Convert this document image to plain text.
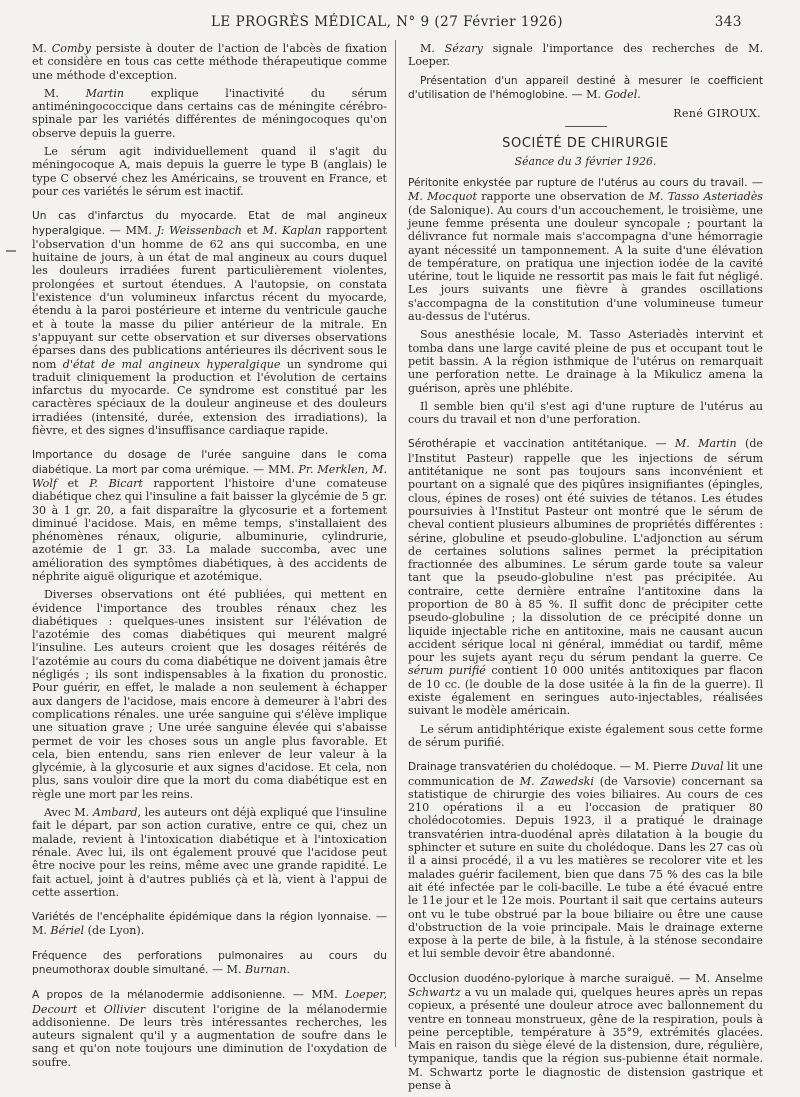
LE PROGRÈS MÉDICAL, N° 9 (27 Février 1926)	343

M. Comby persiste à douter de l'action de l'abcès de fixation et considère en tous cas cette méthode thérapeutique comme une méthode d'exception.

M. Martin explique l'inactivité du sérum antiméningococcique dans certains cas de méningite cérébro-spinale par les variétés différentes de méningocoques qu'on observe depuis la guerre.

Le sérum agit individuellement quand il s'agit du méningocoque A, mais depuis la guerre le type B (anglais) le type C observé chez les Américains, se trouvent en France, et pour ces variétés le sérum est inactif.

Un cas d'infarctus du myocarde. Etat de mal angineux hyperalgique. — MM. J: Weissenbach et M. Kaplan rapportent l'observation d'un homme de 62 ans qui succomba, en une huitaine de jours, à un état de mal angineux au cours duquel les douleurs irradiées furent particulièrement violentes, prolongées et surtout étendues. A l'autopsie, on constata l'existence d'un volumineux infarctus récent du myocarde, étendu à la paroi postérieure et interne du ventricule gauche et à toute la masse du pilier antérieur de la mitrale. En s'appuyant sur cette observation et sur diverses observations éparses dans des publications antérieures ils décrivent sous le nom d'état de mal angineux hyperalgique un syndrome qui traduit cliniquement la production et l'évolution de certains infarctus du myocarde. Ce syndrome est constitué par les caractères spéciaux de la douleur angineuse et des douleurs irradiées (intensité, durée, extension des irradiations), la fièvre, et des signes d'insuffisance cardiaque rapide.

Importance du dosage de l'urée sanguine dans le coma diabétique. La mort par coma urémique. — MM. Pr. Merklen, M. Wolf et P. Bicart rapportent l'histoire d'une comateuse diabétique chez qui l'insuline a fait baisser la glycémie de 5 gr. 30 à 1 gr. 20, a fait disparaître la glycosurie et a fortement diminué l'acidose. Mais, en même temps, s'installaient des phénomènes rénaux, oligurie, albuminurie, cylindrurie, azotémie de 1 gr. 33. La malade succomba, avec une amélioration des symptômes diabétiques, à des accidents de néphrite aiguë oligurique et azotémique.

Diverses observations ont été publiées, qui mettent en évidence l'importance des troubles rénaux chez les diabétiques : quelques-unes insistent sur l'élévation de l'azotémie des comas diabétiques qui meurent malgré l'insuline. Les auteurs croient que les dosages réitérés de l'azotémie au cours du coma diabétique ne doivent jamais être négligés ; ils sont indispensables à la fixation du pronostic. Pour guérir, en effet, le malade a non seulement à échapper aux dangers de l'acidose, mais encore à demeurer à l'abri des complications rénales. une urée sanguine qui s'élève implique une situation grave ; Une urée sanguine élevée qui s'abaisse permet de voir les choses sous un angle plus favorable. Et cela, bien entendu, sans rien enlever de leur valeur à la glycémie, à la glycosurie et aux signes d'acidose. Et cela, non plus, sans vouloir dire que la mort du coma diabétique est en règle une mort par les reins.

Avec M. Ambard, les auteurs ont déjà expliqué que l'insuline fait le départ, par son action curative, entre ce qui, chez un malade, revient à l'intoxication diabétique et à l'intoxication rénale. Avec lui, ils ont également prouvé que l'acidose peut être nocive pour les reins, même avec une grande rapidité. Le fait actuel, joint à d'autres publiés çà et là, vient à l'appui de cette assertion.

Variétés de l'encéphalite épidémique dans la région lyonnaise. — M. Bériel (de Lyon).

Fréquence des perforations pulmonaires au cours du pneumothorax double simultané. — M. Burnan.

A propos de la mélanodermie addisonienne. — MM. Loeper, Decourt et Ollivier discutent l'origine de la mélanodermie addisonienne. De leurs très intéressantes recherches, les auteurs signalent qu'il y a augmentation de soufre dans le sang et qu'on note toujours une diminution de l'oxydation de soufre.

M. Sézary signale l'importance des recherches de M. Loeper.

Présentation d'un appareil destiné à mesurer le coefficient d'utilisation de l'hémoglobine. — M. Godel.

René GIROUX.
SOCIÉTÉ DE CHIRURGIE
Séance du 3 février 1926.

Péritonite enkystée par rupture de l'utérus au cours du travail. — M. Mocquot rapporte une observation de M. Tasso Asteriadès (de Salonique). Au cours d'un accouchement, le troisième, une jeune femme présenta une douleur syncopale ; pourtant la délivrance fut normale mais s'accompagna d'une hémorragie ayant nécessité un tamponnement. A la suite d'une élévation de température, on pratiqua une injection iodée de la cavité utérine, tout le liquide ne ressortit pas mais le fait fut négligé. Les jours suivants une fièvre à grandes oscillations s'accompagna de la constitution d'une volumineuse tumeur au-dessus de l'utérus.

Sous anesthésie locale, M. Tasso Asteriadès intervint et tomba dans une large cavité pleine de pus et occupant tout le petit bassin. A la région isthmique de l'utérus on remarquait une perforation nette. Le drainage à la Mikulicz amena la guérison, après une phlébite.

Il semble bien qu'il s'est agi d'une rupture de l'utérus au cours du travail et non d'une perforation.

Sérothérapie et vaccination antitétanique. — M. Martin (de l'Institut Pasteur) rappelle que les injections de sérum antitétanique ne sont pas toujours sans inconvénient et pourtant on a signalé que des piqûres insignifiantes (épingles, clous, épines de roses) ont été suivies de tétanos. Les études poursuivies à l'Institut Pasteur ont montré que le sérum de cheval contient plusieurs albumines de propriétés différentes : sérine, globuline et pseudo-globuline. L'adjonction au sérum de certaines solutions salines permet la précipitation fractionnée des albumines. Le sérum garde toute sa valeur tant que la pseudo-globuline n'est pas précipitée. Au contraire, cette dernière entraîne l'antitoxine dans la proportion de 80 à 85 %. Il suffit donc de précipiter cette pseudo-globuline ; la dissolution de ce précipité donne un liquide injectable riche en antitoxine, mais ne causant aucun accident sérique local ni général, immédiat ou tardif, même pour les sujets ayant reçu du sérum pendant la guerre. Ce sérum purifié contient 10 000 unités antitoxiques par flacon de 10 cc. (le double de la dose usitée à la fin de la guerre). Il existe également en seringues auto-injectables, réalisées suivant le modèle américain.

Le sérum antidiphtérique existe également sous cette forme de sérum purifié.

Drainage transvatérien du cholédoque. — M. Pierre Duval lit une communication de M. Zawedski (de Varsovie) concernant sa statistique de chirurgie des voies biliaires. Au cours de ces 210 opérations il a eu l'occasion de pratiquer 80 cholédocotomies. Depuis 1923, il a pratiqué le drainage transvatérien intra-duodénal après dilatation à la bougie du sphincter et suture en suite du cholédoque. Dans les 27 cas où il a ainsi procédé, il a vu les matières se recolorer vite et les malades guérir facilement, bien que dans 75 % des cas la bile ait été infectée par le coli-bacille. Le tube a été évacué entre le 11e jour et le 12e mois. Pourtant il sait que certains auteurs ont vu le tube obstrué par la boue biliaire ou être une cause d'obstruction de la voie principale. Mais le drainage externe expose à la perte de bile, à la fistule, à la sténose secondaire et lui semble devoir être abandonné.

Occlusion duodéno-pylorique à marche suraiguë. — M. Anselme Schwartz a vu un malade qui, quelques heures après un repas copieux, a présenté une douleur atroce avec ballonnement du ventre en tonneau monstrueux, gêne de la respiration, pouls à peine perceptible, température à 35°9, extrémités glacées. Mais en raison du siège élevé de la distension, dure, régulière, tympanique, tandis que la région sus-pubienne était normale. M. Schwartz porte le diagnostic de distension gastrique et pense à
